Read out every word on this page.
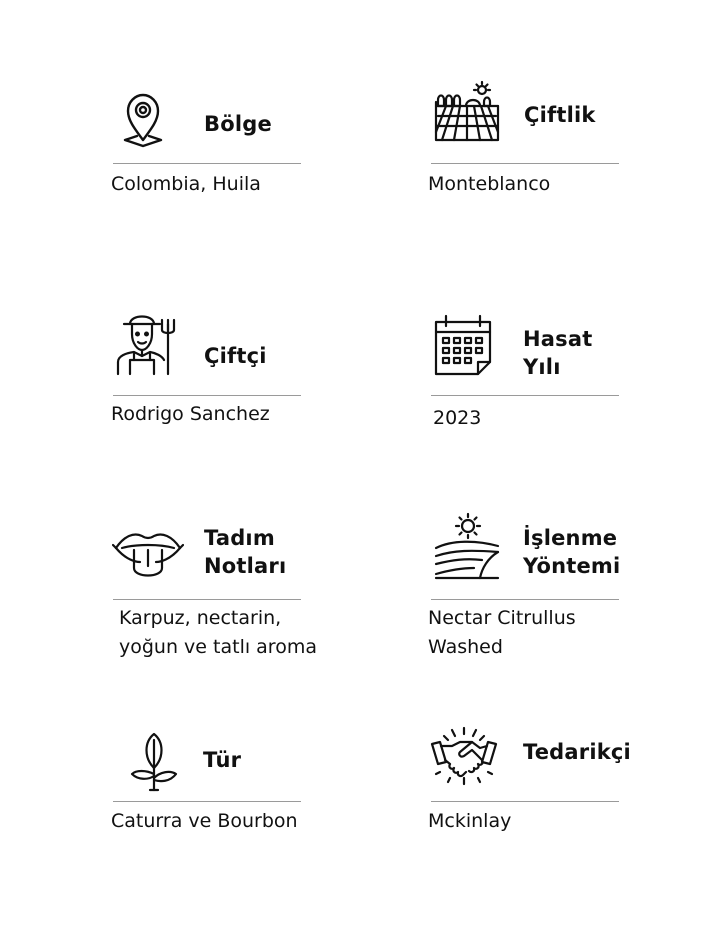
Bölge
Colombia, Huila
Çiftlik
Monteblanco
Çiftçi
Rodrigo Sanchez
Hasat
Yılı
2023
Tadım
Notları
Karpuz, nectarin,
yoğun ve tatlı aroma
İşlenme
Yöntemi
Nectar Citrullus
Washed
Tür
Caturra ve Bourbon
Tedarikçi
Mckinlay
